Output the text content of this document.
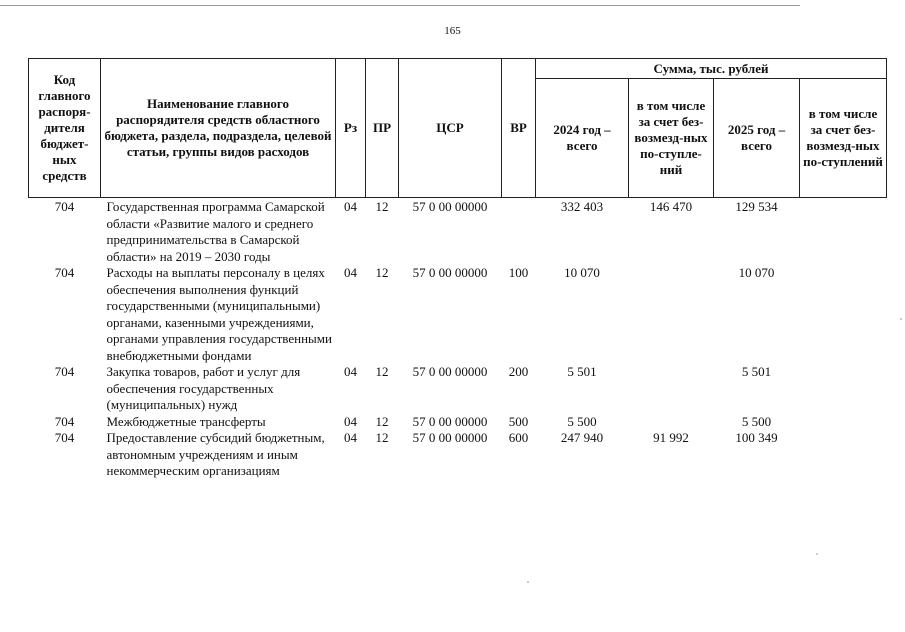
165
Код главного распоря-дителя бюджет-ных средств	Наименование главного распорядителя средств областного бюджета, раздела, подраздела, целевой статьи, группы видов расходов	Рз	ПР	ЦСР	ВР	Сумма, тыс. рублей			
						2024 год – всего	в том числе за счет без-возмезд-ных по-ступле-ний	2025 год – всего	в том числе за счет без-возмезд-ных по-ступлений
704	Государственная программа Самарской области «Развитие малого и среднего предпринимательства в Самарской области» на 2019 – 2030 годы	04	12	57 0 00 00000		332 403	146 470	129 534	
704	Расходы на выплаты персоналу в целях обеспечения выполнения функций государственными (муниципальными) органами, казенными учреждениями, органами управления государственными внебюджетными фондами	04	12	57 0 00 00000	100	10 070		10 070	
704	Закупка товаров, работ и услуг для обеспечения государственных (муниципальных) нужд	04	12	57 0 00 00000	200	5 501		5 501	
704	Межбюджетные трансферты	04	12	57 0 00 00000	500	5 500		5 500	
704	Предоставление субсидий бюджетным, автономным учреждениям и иным некоммерческим организациям	04	12	57 0 00 00000	600	247 940	91 992	100 349	
